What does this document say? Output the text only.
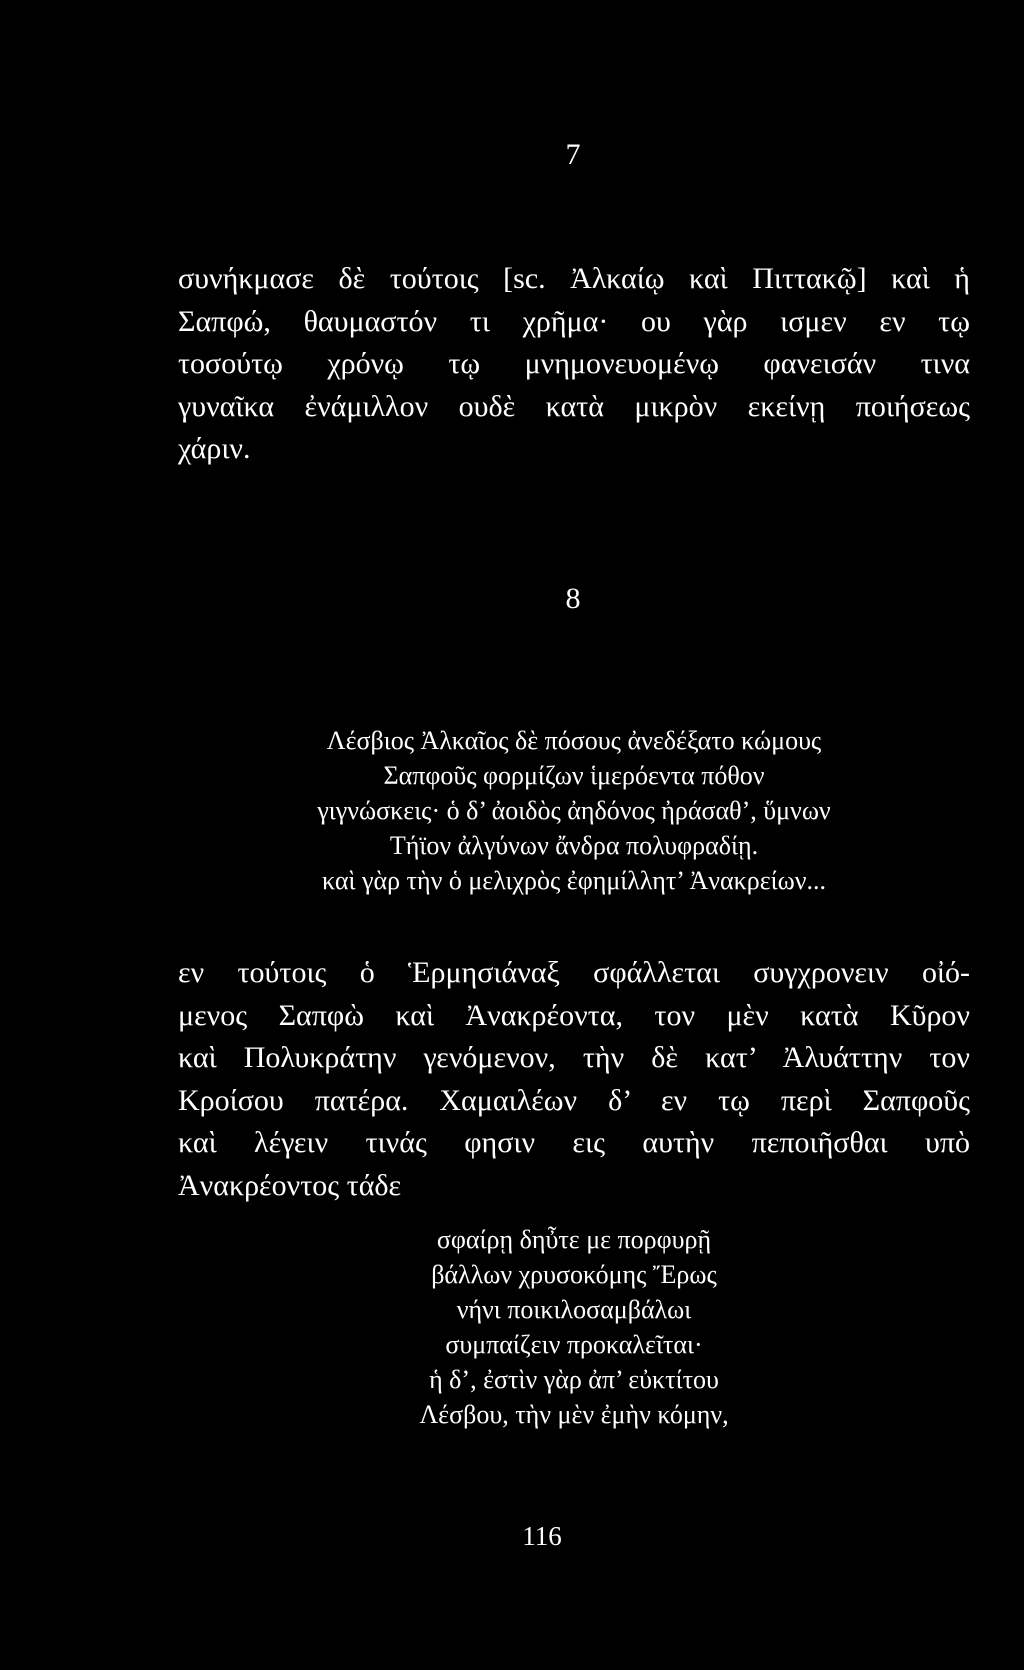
7
συνήκμασε δὲ τούτοις [sc. Ἀλκαίῳ καὶ Πιττακῷ] καὶ ἡ
Σαπφώ, θαυμαστόν τι χρῆμα· ου γὰρ ισμεν εν τῳ
τοσούτῳ χρόνῳ τῳ μνημονευομένῳ φανεισάν τινα
γυναῖκα ἐνάμιλλον ουδὲ κατὰ μικρὸν εκείνῃ ποιήσεως
χάριν.
8
Λέσβιος Ἀλκαῖος δὲ πόσους ἀνεδέξατο κώμους
Σαπφοῦς φορμίζων ἱμερόεντα πόθον
γιγνώσκεις· ὁ δ’ ἀοιδὸς ἀηδόνος ἠράσαθ’, ὕμνων
Τήϊον ἀλγύνων ἄνδρα πολυφραδίῃ.
καὶ γὰρ τὴν ὁ μελιχρὸς ἐφημίλλητ’ Ἀνακρείων...
εν τούτοις ὁ Ἑρμησιάναξ σφάλλεται συγχρονειν οἰό-
μενος Σαπφὼ καὶ Ἀνακρέοντα, τον μὲν κατὰ Κῦρον
καὶ Πολυκράτην γενόμενον, τὴν δὲ κατ’ Ἀλυάττην τον
Κροίσου πατέρα. Χαμαιλέων δ’ εν τῳ περὶ Σαπφοῦς
καὶ λέγειν τινάς φησιν εις αυτὴν πεποιῆσθαι υπὸ
Ἀνακρέοντος τάδε
σφαίρῃ δηὖτε με πορφυρῇ
βάλλων χρυσοκόμης Ἔρως
νήνι ποικιλοσαμβάλωι
συμπαίζειν προκαλεῖται·
ἡ δ’, ἐστὶν γὰρ ἀπ’ εὐκτίτου
Λέσβου, τὴν μὲν ἐμὴν κόμην,
116
